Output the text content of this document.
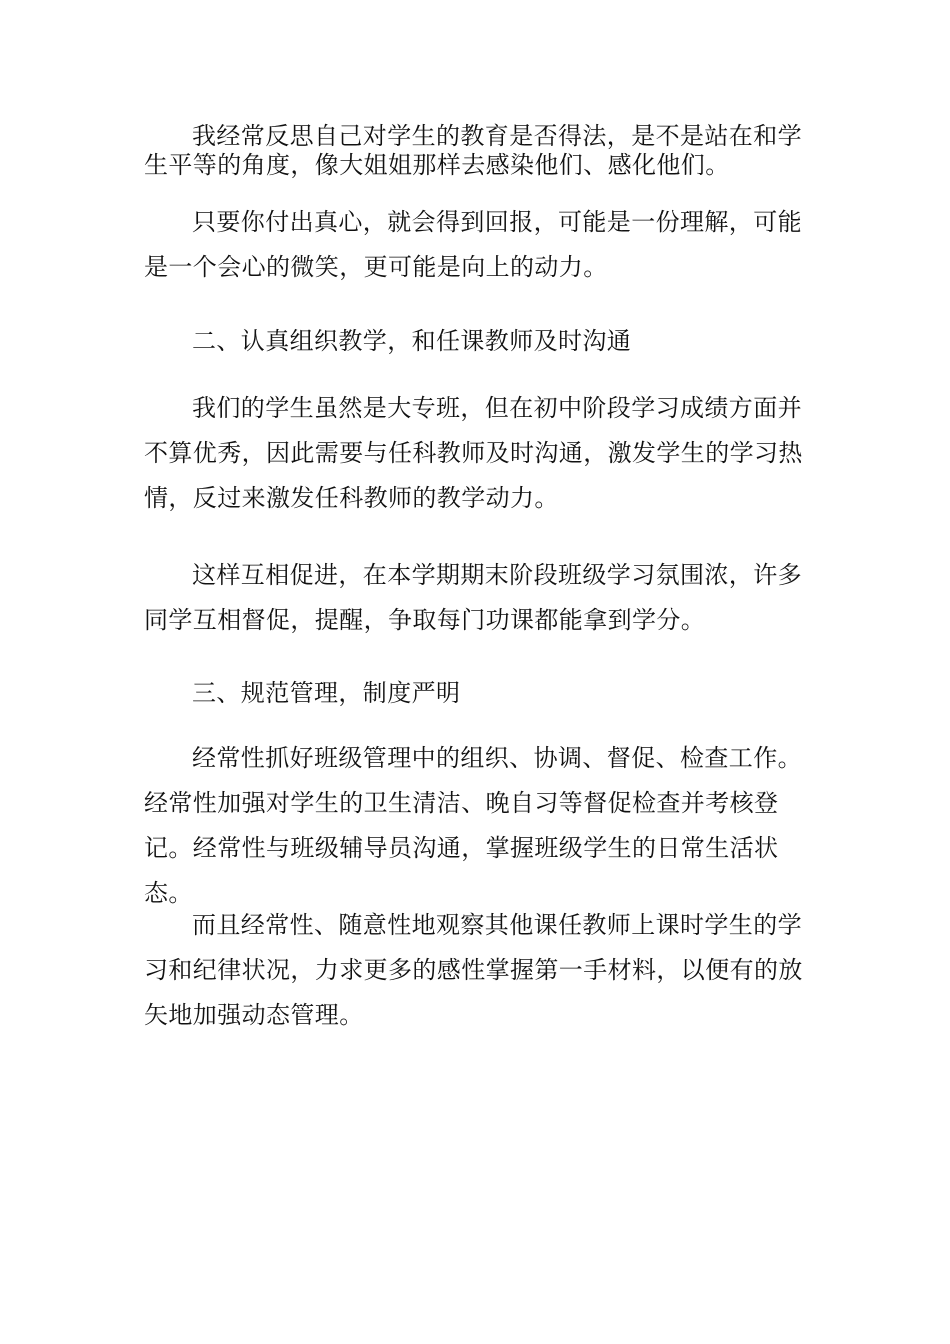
我经常反思自己对学生的教育是否得法，是不是站在和学生平等的角度，像大姐姐那样去感染他们、感化他们。

只要你付出真心，就会得到回报，可能是一份理解，可能是一个会心的微笑，更可能是向上的动力。

二、认真组织教学，和任课教师及时沟通

我们的学生虽然是大专班，但在初中阶段学习成绩方面并不算优秀，因此需要与任科教师及时沟通，激发学生的学习热情，反过来激发任科教师的教学动力。

这样互相促进，在本学期期末阶段班级学习氛围浓，许多同学互相督促，提醒，争取每门功课都能拿到学分。

三、规范管理，制度严明

经常性抓好班级管理中的组织、协调、督促、检查工作。经常性加强对学生的卫生清洁、晚自习等督促检查并考核登记。经常性与班级辅导员沟通，掌握班级学生的日常生活状态。

而且经常性、随意性地观察其他课任教师上课时学生的学习和纪律状况，力求更多的感性掌握第一手材料，以便有的放矢地加强动态管理。
